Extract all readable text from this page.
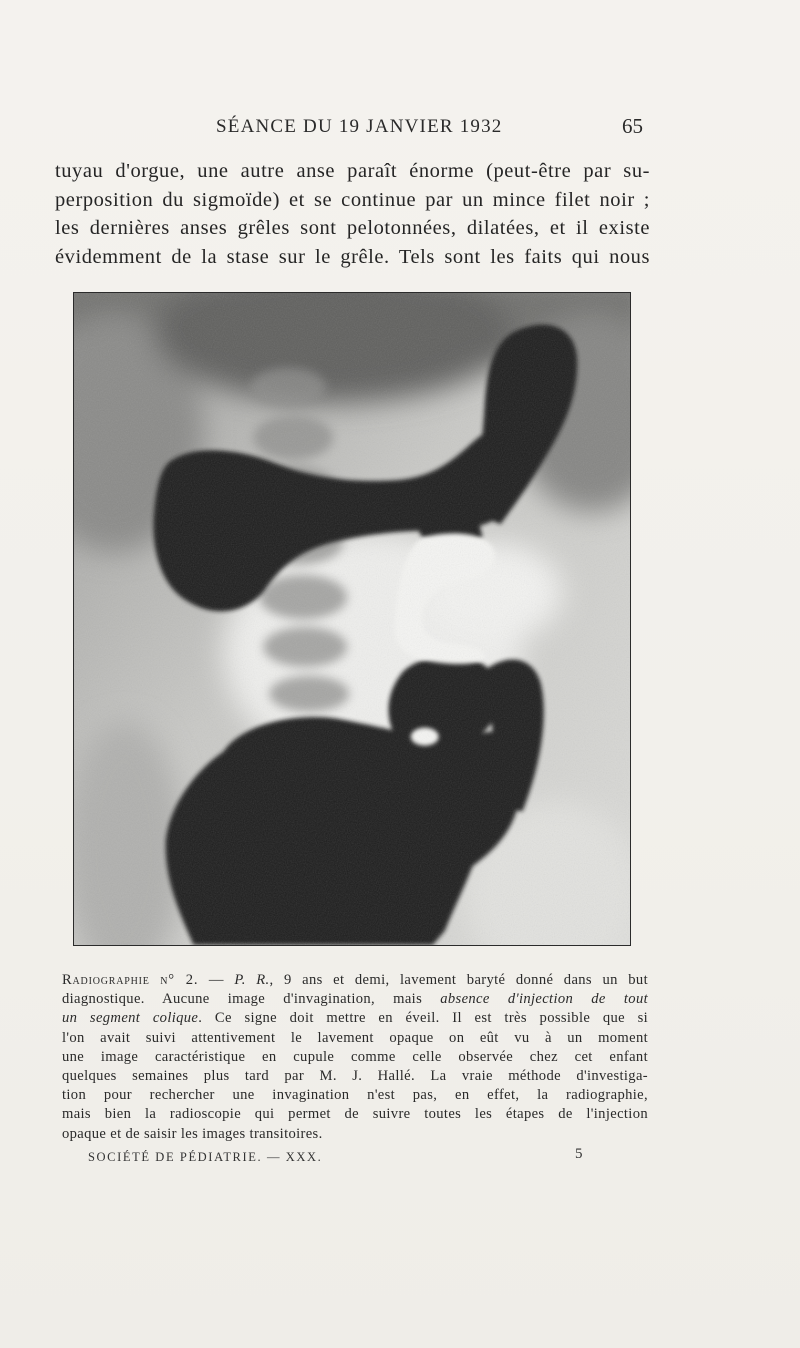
SÉANCE DU 19 JANVIER 1932	65
tuyau d'orgue, une autre anse paraît énorme (peut-être par su-
perposition du sigmoïde) et se continue par un mince filet noir ;
les dernières anses grêles sont pelotonnées, dilatées, et il existe
évidemment de la stase sur le grêle. Tels sont les faits qui nous
Radiographie n° 2. — P. R., 9 ans et demi, lavement baryté donné dans un but
diagnostique. Aucune image d'invagination, mais absence d'injection de tout
un segment colique. Ce signe doit mettre en éveil. Il est très possible que si
l'on avait suivi attentivement le lavement opaque on eût vu à un moment
une image caractéristique en cupule comme celle observée chez cet enfant
quelques semaines plus tard par M. J. Hallé. La vraie méthode d'investiga-
tion pour rechercher une invagination n'est pas, en effet, la radiographie,
mais bien la radioscopie qui permet de suivre toutes les étapes de l'injection
opaque et de saisir les images transitoires.
SOCIÉTÉ DE PÉDIATRIE. — XXX.	5
